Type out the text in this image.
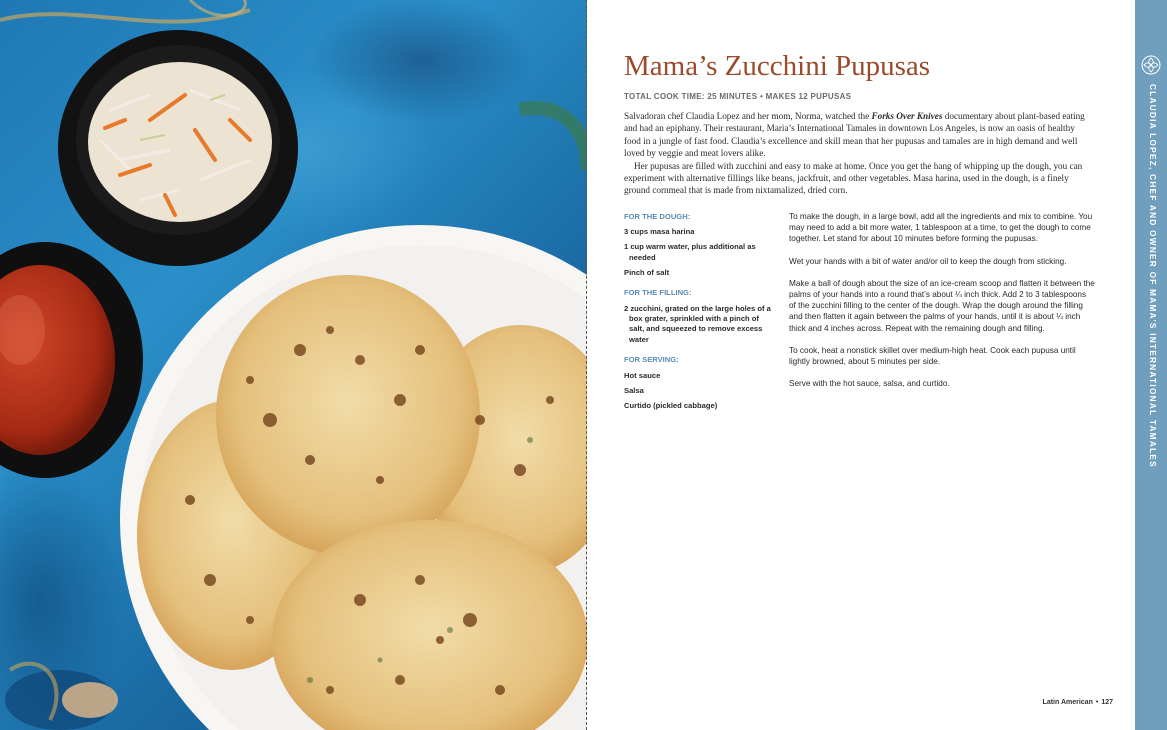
Mama’s Zucchini Pupusas
TOTAL COOK TIME: 25 MINUTES • MAKES 12 PUPUSAS

Salvadoran chef Claudia Lopez and her mom, Norma, watched the Forks Over Knives documentary about plant-based eating and had an epiphany. Their restaurant, Maria’s International Tamales in downtown Los Angeles, is now an oasis of healthy food in a jungle of fast food. Claudia’s excellence and skill mean that her pupusas and tamales are in high demand and well loved by veggie and meat lovers alike.

Her pupusas are filled with zucchini and easy to make at home. Once you get the hang of whipping up the dough, you can experiment with alternative fillings like beans, jackfruit, and other vegetables. Masa harina, used in the dough, is a finely ground cornmeal that is made from nixtamalized, dried corn.

FOR THE DOUGH:
3 cups masa harina
1 cup warm water, plus additional as needed
Pinch of salt
FOR THE FILLING:
2 zucchini, grated on the large holes of a box grater, sprinkled with a pinch of salt, and squeezed to remove excess water
FOR SERVING:
Hot sauce
Salsa
Curtido (pickled cabbage)

To make the dough, in a large bowl, add all the ingredients and mix to combine. You may need to add a bit more water, 1 tablespoon at a time, to get the dough to come together. Let stand for about 10 minutes before forming the pupusas.

Wet your hands with a bit of water and/or oil to keep the dough from sticking.

Make a ball of dough about the size of an ice-cream scoop and flatten it between the palms of your hands into a round that’s about ¼ inch thick. Add 2 to 3 tablespoons of the zucchini filling to the center of the dough. Wrap the dough around the filling and then flatten it again between the palms of your hands, until it is about ¼ inch thick and 4 inches across. Repeat with the remaining dough and filling.

To cook, heat a nonstick skillet over medium-high heat. Cook each pupusa until lightly browned, about 5 minutes per side.

Serve with the hot sauce, salsa, and curtido.

Latin American • 127
CLAUDIA LOPEZ, CHEF AND OWNER OF MAMA’S INTERNATIONAL TAMALES
